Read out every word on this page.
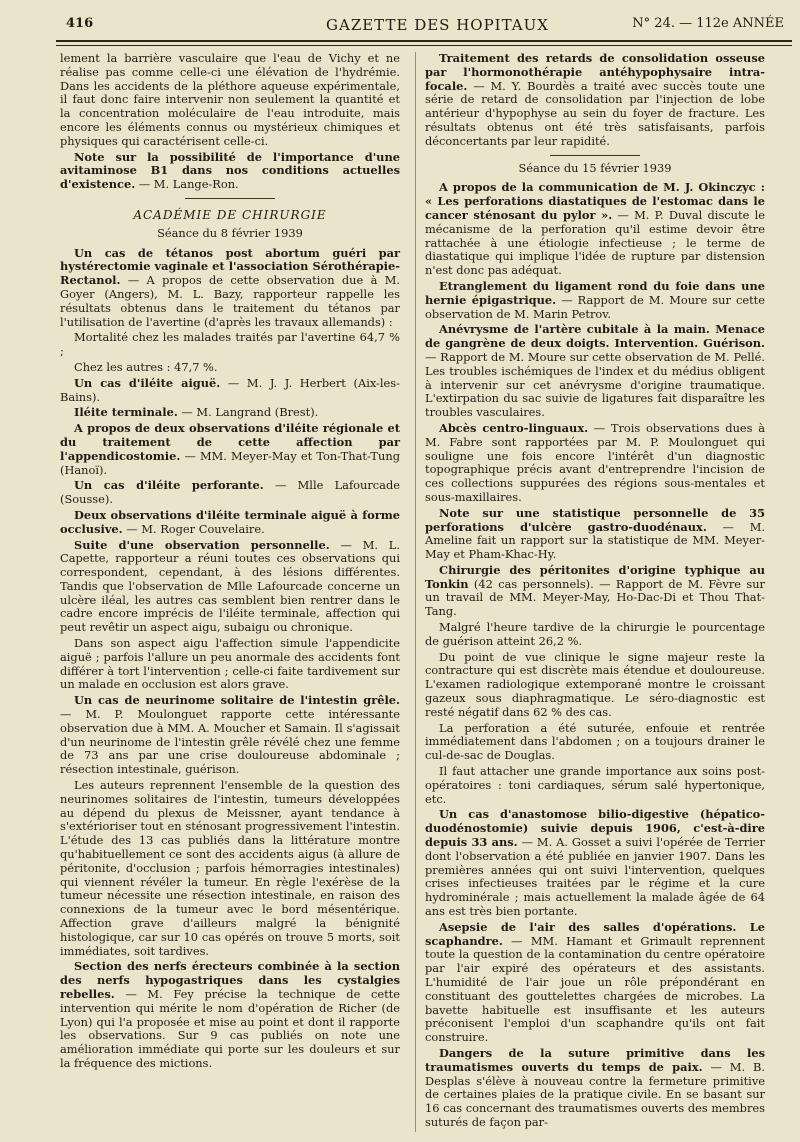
416	GAZETTE DES HOPITAUX	N° 24. — 112e ANNÉE

lement la barrière vasculaire que l'eau de Vichy et ne réalise pas comme celle-ci une élévation de l'hydrémie. Dans les accidents de la pléthore aqueuse expérimentale, il faut donc faire intervenir non seulement la quantité et la concentration moléculaire de l'eau introduite, mais encore les éléments connus ou mystérieux chimiques et physiques qui caractérisent celle-ci.

Note sur la possibilité de l'importance d'une avitaminose B1 dans nos conditions actuelles d'existence. — M. Lange-Ron.

ACADÉMIE DE CHIRURGIE
Séance du 8 février 1939

Un cas de tétanos post abortum guéri par hystérectomie vaginale et l'association Sérothérapie-Rectanol. — A propos de cette observation due à M. Goyer (Angers), M. L. Bazy, rapporteur rappelle les résultats obtenus dans le traitement du tétanos par l'utilisation de l'avertine (d'après les travaux allemands) :

Mortalité chez les malades traités par l'avertine 64,7 % ;

Chez les autres : 47,7 %.

Un cas d'iléite aiguë. — M. J. J. Herbert (Aix-les-Bains).

Iléite terminale. — M. Langrand (Brest).

A propos de deux observations d'iléite régionale et du traitement de cette affection par l'appendicostomie. — MM. Meyer-May et Ton-That-Tung (Hanoï).

Un cas d'iléite perforante. — Mlle Lafourcade (Sousse).

Deux observations d'iléite terminale aiguë à forme occlusive. — M. Roger Couvelaire.

Suite d'une observation personnelle. — M. L. Capette, rapporteur a réuni toutes ces observations qui correspondent, cependant, à des lésions différentes. Tandis que l'observation de Mlle Lafourcade concerne un ulcère iléal, les autres cas semblent bien rentrer dans le cadre encore imprécis de l'iléite terminale, affection qui peut revêtir un aspect aigu, subaigu ou chronique.

Dans son aspect aigu l'affection simule l'appendicite aiguë ; parfois l'allure un peu anormale des accidents font différer à tort l'intervention ; celle-ci faite tardivement sur un malade en occlusion est alors grave.

Un cas de neurinome solitaire de l'intestin grêle. — M. P. Moulonguet rapporte cette intéressante observation due à MM. A. Moucher et Samain. Il s'agissait d'un neurinome de l'intestin grêle révélé chez une femme de 73 ans par une crise douloureuse abdominale ; résection intestinale, guérison.

Les auteurs reprennent l'ensemble de la question des neurinomes solitaires de l'intestin, tumeurs développées au dépend du plexus de Meissner, ayant tendance à s'extérioriser tout en sténosant progressivement l'intestin. L'étude des 13 cas publiés dans la littérature montre qu'habituellement ce sont des accidents aigus (à allure de péritonite, d'occlusion ; parfois hémorragies intestinales) qui viennent révéler la tumeur. En règle l'exérèse de la tumeur nécessite une résection intestinale, en raison des connexions de la tumeur avec le bord mésentérique. Affection grave d'ailleurs malgré la bénignité histologique, car sur 10 cas opérés on trouve 5 morts, soit immédiates, soit tardives.

Section des nerfs érecteurs combinée à la section des nerfs hypogastriques dans les cystalgies rebelles. — M. Fey précise la technique de cette intervention qui mérite le nom d'opération de Richer (de Lyon) qui l'a proposée et mise au point et dont il rapporte les observations. Sur 9 cas publiés on note une amélioration immédiate qui porte sur les douleurs et sur la fréquence des mictions.

Traitement des retards de consolidation osseuse par l'hormonothérapie antéhypophysaire intra-focale. — M. Y. Bourdès a traité avec succès toute une série de retard de consolidation par l'injection de lobe antérieur d'hypophyse au sein du foyer de fracture. Les résultats obtenus ont été très satisfaisants, parfois déconcertants par leur rapidité.

Séance du 15 février 1939

A propos de la communication de M. J. Okinczyc : « Les perforations diastatiques de l'estomac dans le cancer sténosant du pylor ». — M. P. Duval discute le mécanisme de la perforation qu'il estime devoir être rattachée à une étiologie infectieuse ; le terme de diastatique qui implique l'idée de rupture par distension n'est donc pas adéquat.

Etranglement du ligament rond du foie dans une hernie épigastrique. — Rapport de M. Moure sur cette observation de M. Marin Petrov.

Anévrysme de l'artère cubitale à la main. Menace de gangrène de deux doigts. Intervention. Guérison. — Rapport de M. Moure sur cette observation de M. Pellé. Les troubles ischémiques de l'index et du médius obligent à intervenir sur cet anévrysme d'origine traumatique. L'extirpation du sac suivie de ligatures fait disparaître les troubles vasculaires.

Abcès centro-linguaux. — Trois observations dues à M. Fabre sont rapportées par M. P. Moulonguet qui souligne une fois encore l'intérêt d'un diagnostic topographique précis avant d'entreprendre l'incision de ces collections suppurées des régions sous-mentales et sous-maxillaires.

Note sur une statistique personnelle de 35 perforations d'ulcère gastro-duodénaux. — M. Ameline fait un rapport sur la statistique de MM. Meyer-May et Pham-Khac-Hy.

Chirurgie des péritonites d'origine typhique au Tonkin (42 cas personnels). — Rapport de M. Fèvre sur un travail de MM. Meyer-May, Ho-Dac-Di et Thou That-Tang.

Malgré l'heure tardive de la chirurgie le pourcentage de guérison atteint 26,2 %.

Du point de vue clinique le signe majeur reste la contracture qui est discrète mais étendue et douloureuse. L'examen radiologique extemporané montre le croissant gazeux sous diaphragmatique. Le séro-diagnostic est resté négatif dans 62 % des cas.

La perforation a été suturée, enfouie et rentrée immédiatement dans l'abdomen ; on a toujours drainer le cul-de-sac de Douglas.

Il faut attacher une grande importance aux soins post-opératoires : toni cardiaques, sérum salé hypertonique, etc.

Un cas d'anastomose bilio-digestive (hépatico-duodénostomie) suivie depuis 1906, c'est-à-dire depuis 33 ans. — M. A. Gosset a suivi l'opérée de Terrier dont l'observation a été publiée en janvier 1907. Dans les premières années qui ont suivi l'intervention, quelques crises infectieuses traitées par le régime et la cure hydrominérale ; mais actuellement la malade âgée de 64 ans est très bien portante.

Asepsie de l'air des salles d'opérations. Le scaphandre. — MM. Hamant et Grimault reprennent toute la question de la contamination du centre opératoire par l'air expiré des opérateurs et des assistants. L'humidité de l'air joue un rôle prépondérant en constituant des gouttelettes chargées de microbes. La bavette habituelle est insuffisante et les auteurs préconisent l'emploi d'un scaphandre qu'ils ont fait construire.

Dangers de la suture primitive dans les traumatismes ouverts du temps de paix. — M. B. Desplas s'élève à nouveau contre la fermeture primitive de certaines plaies de la pratique civile. En se basant sur 16 cas concernant des traumatismes ouverts des membres suturés de façon par-
